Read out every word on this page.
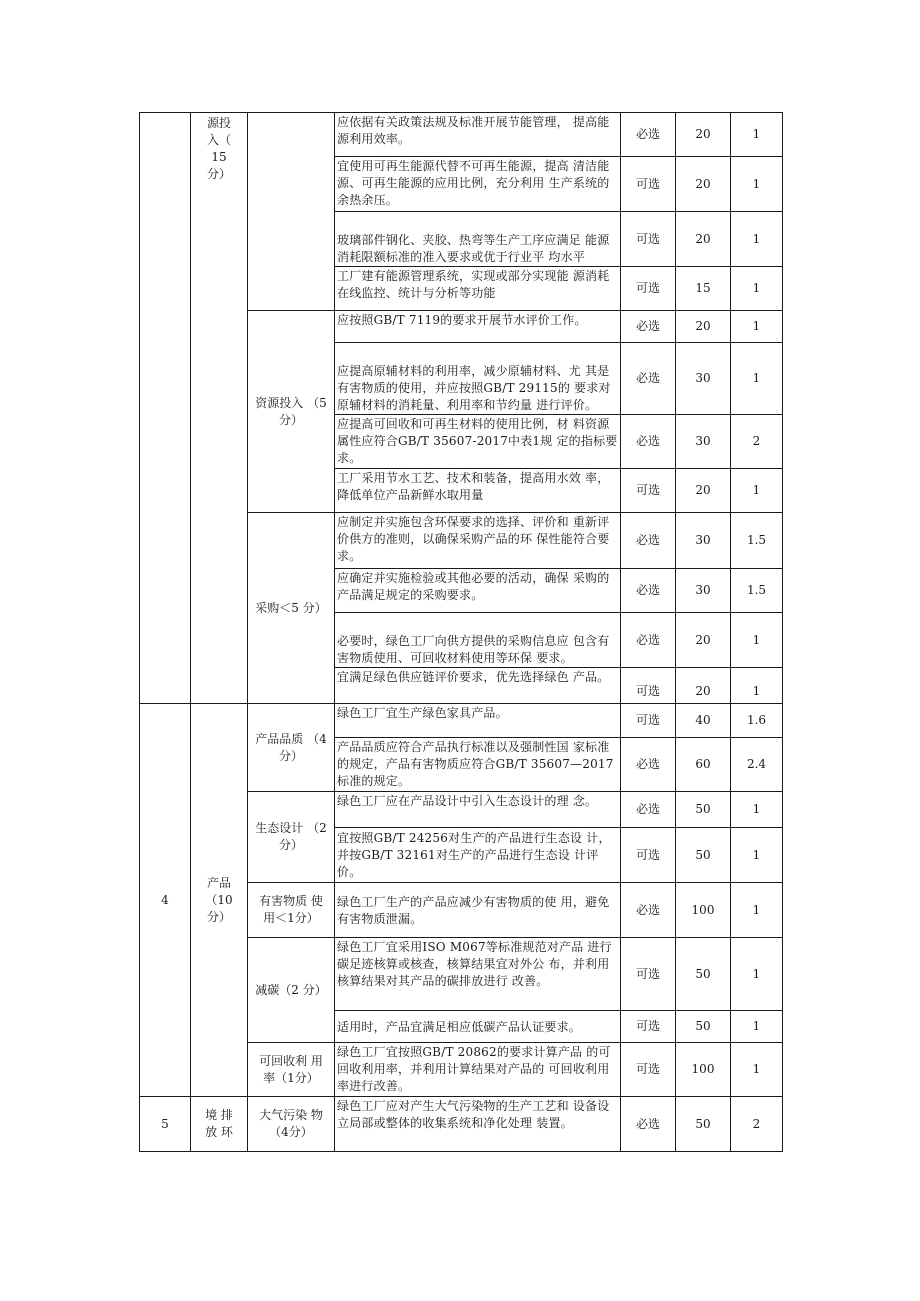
	源投 入（ 15 分）		应依据有关政策法规及标准开展节能管理， 提高能源利用效率。	必选	20	1
			宜使用可再生能源代替不可再生能源，提高 清洁能源、可再生能源的应用比例，充分利用 生产系统的余热余压。	可选	20	1
			玻璃部件钢化、夹胶、热弯等生产工序应满足 能源消耗限额标准的准入要求或优于行业平 均水平	可选	20	1
			工厂建有能源管理系统，实现或部分实现能 源消耗在线监控、统计与分析等功能	可选	15	1
		资源投入 （5 分）	应按照GB/T 7119的要求开展节水评价工作。	必选	20	1
			应提高原辅材料的利用率，减少原辅材料、尤 其是有害物质的使用，并应按照GB/T 29115的 要求对原辅材料的消耗量、利用率和节约量 进行评价。	必选	30	1
			应提高可回收和可再生材料的使用比例，材 料资源属性应符合GB/T 35607-2017中表1规 定的指标要求。	必选	30	2
			工厂采用节水工艺、技术和装备，提高用水效 率，降低单位产品新鲜水取用量	可选	20	1
		采购＜5 分）	应制定并实施包含环保要求的选择、评价和 重新评价供方的准则，以确保采购产品的环 保性能符合要求。	必选	30	1.5
			应确定并实施检验或其他必要的活动，确保 采购的产品满足规定的采购要求。	必选	30	1.5
			必要时，绿色工厂向供方提供的采购信息应 包含有害物质使用、可回收材料使用等环保 要求。	必选	20	1
			宜满足绿色供应链评价要求，优先选择绿色 产品。	可选	20	1
4	产品 （10 分）	产品品质 （4 分）	绿色工厂宜生产绿色家具产品。	可选	40	1.6
			产品品质应符合产品执行标准以及强制性国 家标准的规定，产品有害物质应符合GB/T 35607—2017标准的规定。	必选	60	2.4
		生态设计 （2 分）	绿色工厂应在产品设计中引入生态设计的理 念。	必选	50	1
			宜按照GB/T 24256对生产的产品进行生态设 计，并按GB/T 32161对生产的产品进行生态设 计评价。	可选	50	1
		有害物质 使用＜1分）	绿色工厂生产的产品应减少有害物质的使 用，避免有害物质泄漏。	必选	100	1
		减碳（2 分）	绿色工厂宜采用ISO M067等标准规范对产品 进行碳足迹核算或核查，核算结果宜对外公 布，并利用核算结果对其产品的碳排放进行 改善。	可选	50	1
			适用时，产品宜满足相应低碳产品认证要求。	可选	50	1
		可回收利 用率（1分）	绿色工厂宜按照GB/T 20862的要求计算产品 的可回收利用率，并利用计算结果对产品的 可回收利用率进行改善。	可选	100	1
5	境 排放 环	大气污染 物（4分）	绿色工厂应对产生大气污染物的生产工艺和 设备设立局部或整体的收集系统和净化处理 装置。	必选	50	2
